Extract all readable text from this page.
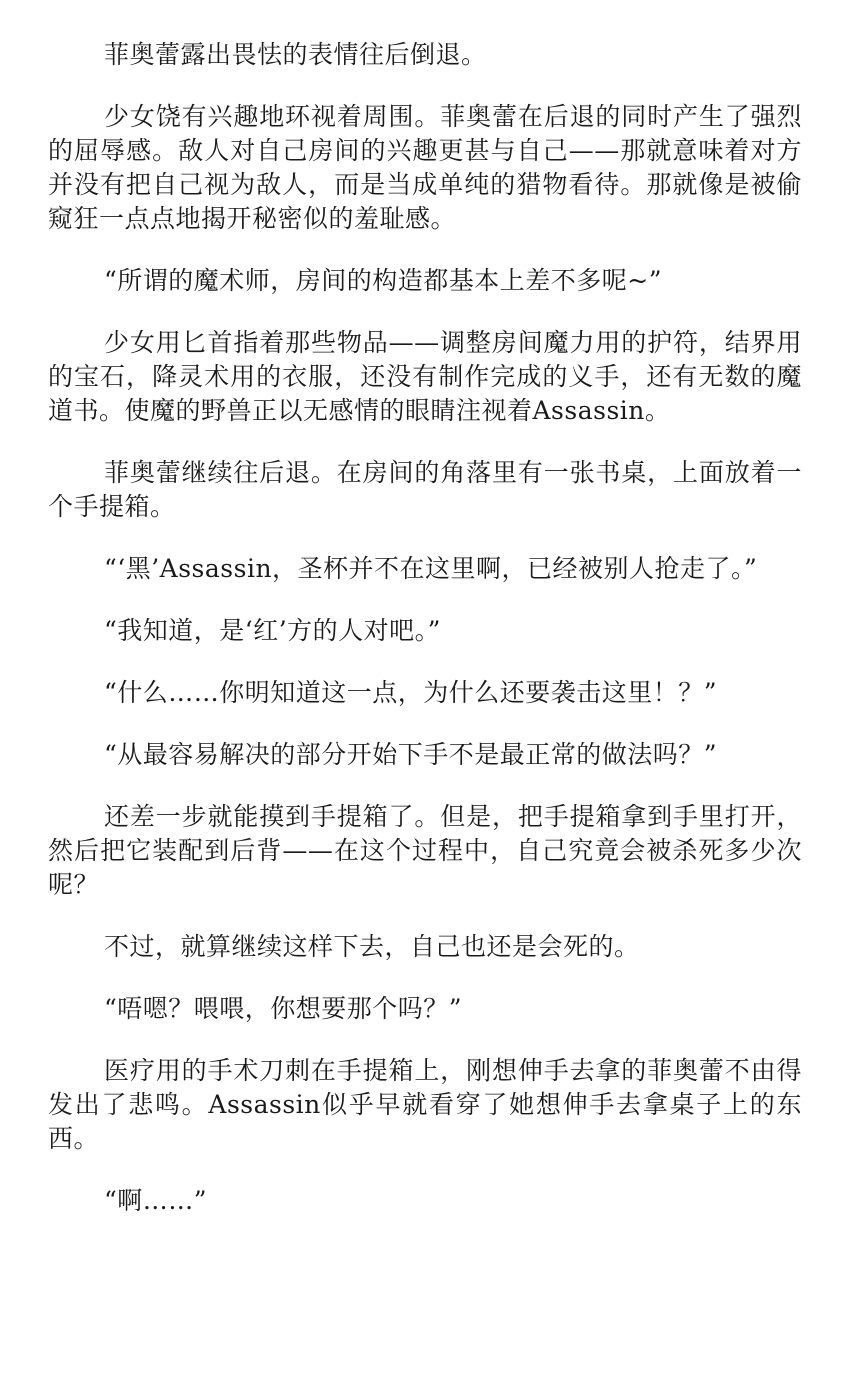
菲奥蕾露出畏怯的表情往后倒退。

少女饶有兴趣地环视着周围。菲奥蕾在后退的同时产生了强烈的屈辱感。敌人对自己房间的兴趣更甚与自己——那就意味着对方并没有把自己视为敌人，而是当成单纯的猎物看待。那就像是被偷窥狂一点点地揭开秘密似的羞耻感。

“所谓的魔术师，房间的构造都基本上差不多呢~”

少女用匕首指着那些物品——调整房间魔力用的护符，结界用的宝石，降灵术用的衣服，还没有制作完成的义手，还有无数的魔道书。使魔的野兽正以无感情的眼睛注视着Assassin。

菲奥蕾继续往后退。在房间的角落里有一张书桌，上面放着一个手提箱。

“‘黑’Assassin，圣杯并不在这里啊，已经被别人抢走了。”

“我知道，是‘红’方的人对吧。”

“什么……你明知道这一点，为什么还要袭击这里！？”

“从最容易解决的部分开始下手不是最正常的做法吗？”

还差一步就能摸到手提箱了。但是，把手提箱拿到手里打开，然后把它装配到后背——在这个过程中，自己究竟会被杀死多少次呢？

不过，就算继续这样下去，自己也还是会死的。

“唔嗯？喂喂，你想要那个吗？”

医疗用的手术刀刺在手提箱上，刚想伸手去拿的菲奥蕾不由得发出了悲鸣。Assassin似乎早就看穿了她想伸手去拿桌子上的东西。

“啊……”
